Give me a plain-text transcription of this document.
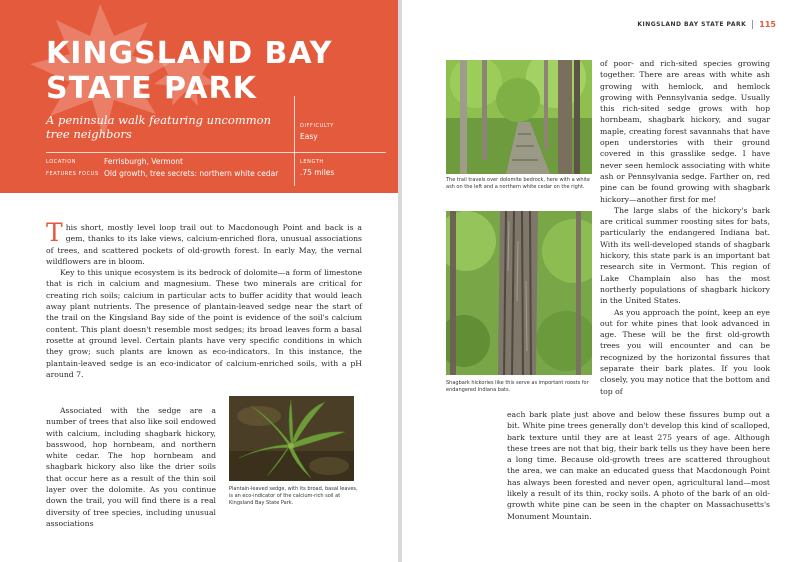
KINGSLAND BAY STATE PARK

A peninsula walk featuring uncommon tree neighbors

DIFFICULTY
Easy
LENGTH
.75 miles
LOCATION	Ferrisburgh, Vermont
FEATURES FOCUS Old growth, tree secrets: northern white cedar

This short, mostly level loop trail out to Macdonough Point and back is a gem, thanks to its lake views, calcium-enriched flora, unusual associations of trees, and scattered pockets of old-growth forest. In early May, the vernal wildflowers are in bloom.

Key to this unique ecosystem is its bedrock of dolomite—a form of limestone that is rich in calcium and magnesium. These two minerals are critical for creating rich soils; calcium in particular acts to buffer acidity that would leach away plant nutrients. The presence of plantain-leaved sedge near the start of the trail on the Kingsland Bay side of the point is evidence of the soil's calcium content. This plant doesn't resemble most sedges; its broad leaves form a basal rosette at ground level. Certain plants have very specific conditions in which they grow; such plants are known as eco-indicators. In this instance, the plantain-leaved sedge is an eco-indicator of calcium-enriched soils, with a pH around 7.

Associated with the sedge are a number of trees that also like soil endowed with calcium, including shagbark hickory, basswood, hop hornbeam, and northern white cedar. The hop hornbeam and shagbark hickory also like the drier soils that occur here as a result of the thin soil layer over the dolomite. As you continue down the trail, you will find there is a real diversity of tree species, including unusual associations

Plantain-leaved sedge, with its broad, basal leaves, is an eco-indicator of the calcium-rich soil at Kingsland Bay State Park.
KINGSLAND BAY STATE PARK 115
The trail travels over dolomite bedrock, here with a white ash on the left and a northern white cedar on the right.
Shagbark hickories like this serve as important roosts for endangered Indiana bats.

of poor- and rich-sited species growing together. There are areas with white ash growing with hemlock, and hemlock growing with Pennsylvania sedge. Usually this rich-sited sedge grows with hop hornbeam, shagbark hickory, and sugar maple, creating forest savannahs that have open understories with their ground covered in this grasslike sedge. I have never seen hemlock associating with white ash or Pennsylvania sedge. Farther on, red pine can be found growing with shagbark hickory—another first for me!

The large slabs of the hickory's bark are critical summer roosting sites for bats, particularly the endangered Indiana bat. With its well-developed stands of shagbark hickory, this state park is an important bat research site in Vermont. This region of Lake Champlain also has the most northerly populations of shagbark hickory in the United States.

As you approach the point, keep an eye out for white pines that look advanced in age. These will be the first old-growth trees you will encounter and can be recognized by the horizontal fissures that separate their bark plates. If you look closely, you may notice that the bottom and top of

each bark plate just above and below these fissures bump out a bit. White pine trees generally don't develop this kind of scalloped, bark texture until they are at least 275 years of age. Although these trees are not that big, their bark tells us they have been here a long time. Because old-growth trees are scattered throughout the area, we can make an educated guess that Macdonough Point has always been forested and never open, agricultural land—most likely a result of its thin, rocky soils. A photo of the bark of an old-growth white pine can be seen in the chapter on Massachusetts's Monument Mountain.
